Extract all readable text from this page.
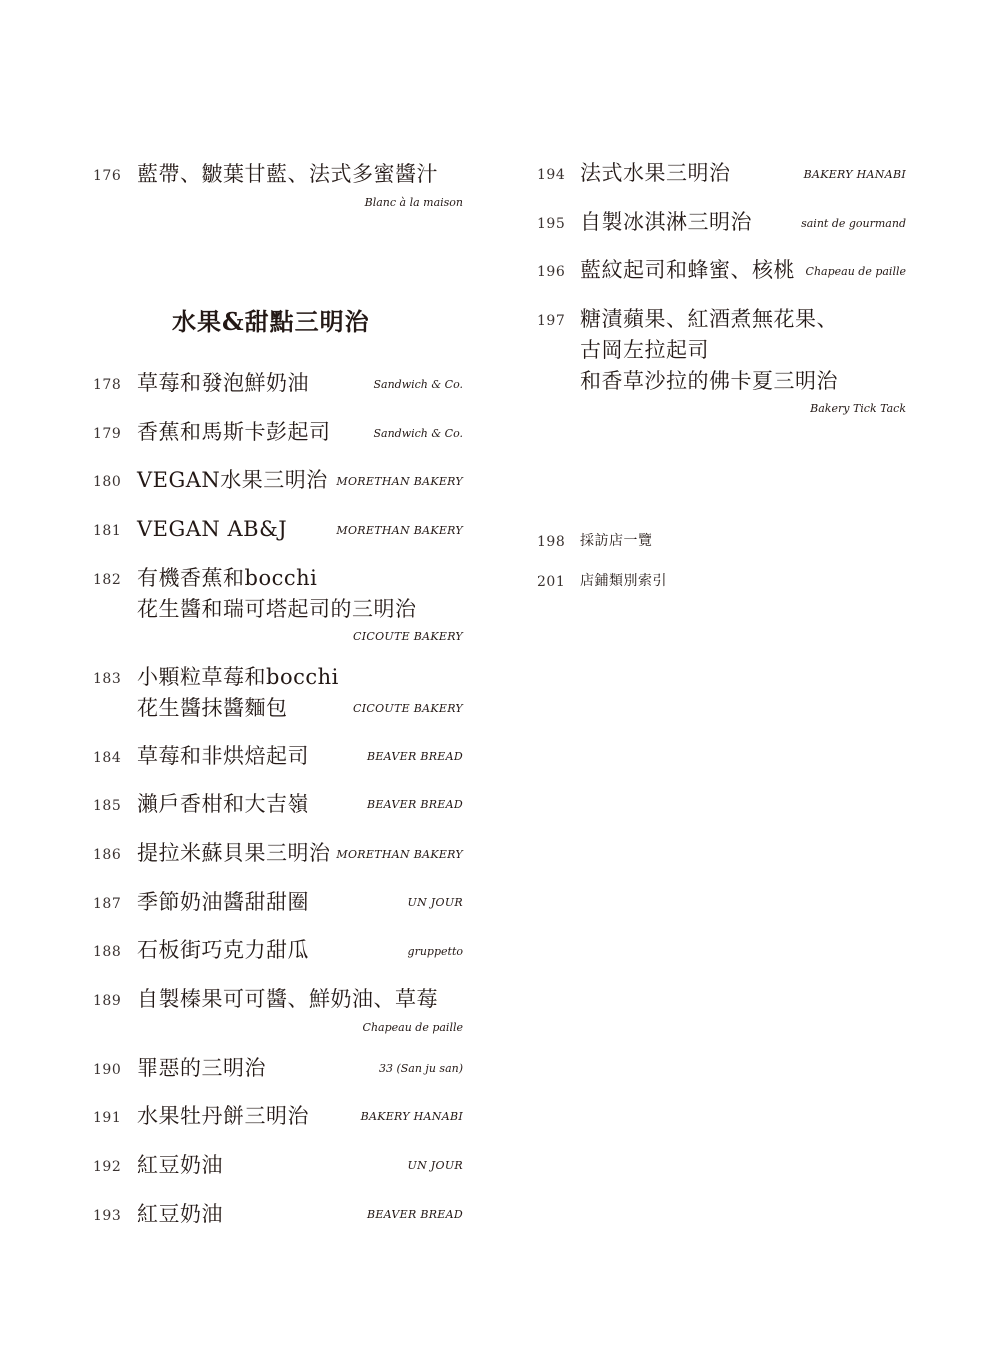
水果&甜點三明治
176 藍帶、皺葉甘藍、法式多蜜醬汁
Blanc à la maison
178 草莓和發泡鮮奶油	Sandwich & Co.
179 香蕉和馬斯卡彭起司	Sandwich & Co.
180 VEGAN水果三明治 MORETHAN BAKERY
181 VEGAN AB&J	MORETHAN BAKERY
182 有機香蕉和bocchi
花生醬和瑞可塔起司的三明治
CICOUTE BAKERY
183 小顆粒草莓和bocchi
花生醬抹醬麵包	CICOUTE BAKERY
184 草莓和非烘焙起司	BEAVER BREAD
185 瀨戶香柑和大吉嶺	BEAVER BREAD
186 提拉米蘇貝果三明治 MORETHAN BAKERY
187 季節奶油醬甜甜圈	UN JOUR
188 石板街巧克力甜瓜	gruppetto
189 自製榛果可可醬、鮮奶油、草莓
Chapeau de paille
190 罪惡的三明治	33 (San ju san)
191 水果牡丹餅三明治	BAKERY HANABI
192 紅豆奶油	UN JOUR
193 紅豆奶油	BEAVER BREAD
194 法式水果三明治	BAKERY HANABI
195 自製冰淇淋三明治	saint de gourmand
196 藍紋起司和蜂蜜、核桃 Chapeau de paille
197 糖漬蘋果、紅酒煮無花果、
古岡左拉起司
和香草沙拉的佛卡夏三明治
Bakery Tick Tack
198 採訪店一覽
201 店鋪類別索引
